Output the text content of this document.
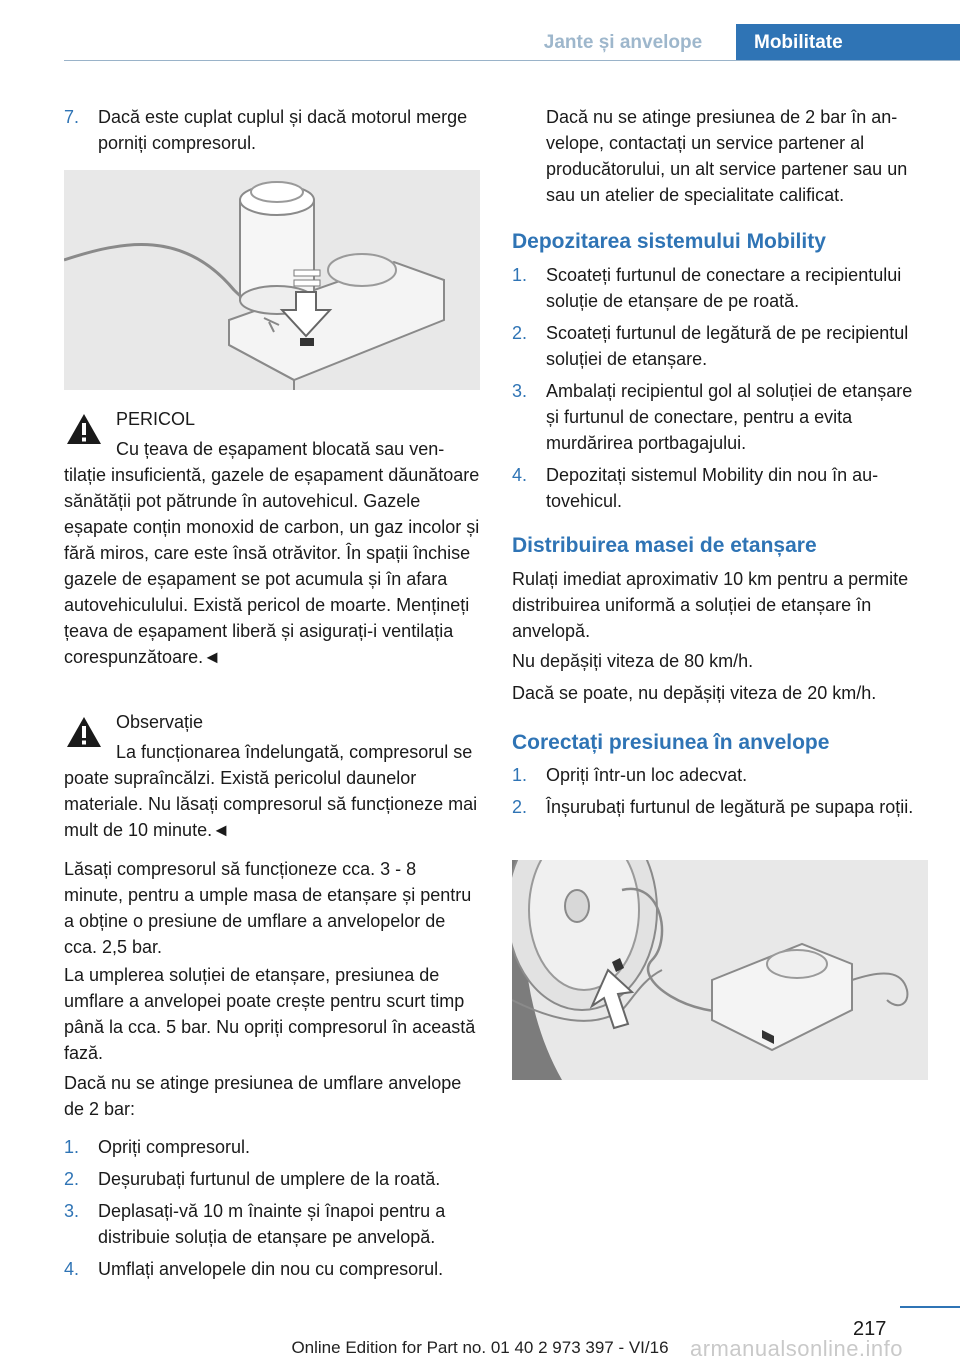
Jante și anvelope	Mobilitate
7.	Dacă este cuplat cuplul și dacă motorul merge porniți compresorul.
PERICOL
Cu țeava de eșapament blocată sau ventilație insuficientă, gazele de eșapament dăunătoare sănătății pot pătrunde în autovehicul. Gazele eșapate conțin monoxid de carbon, un gaz incolor și fără miros, care este însă otrăvitor. În spații închise gazele de eșapament se pot acumula și în afara autovehiculului. Există pericol de moarte. Mențineți țeava de eșapament liberă și asigurați-i ventilația corespunzătoare.◄
Observație
La funcționarea îndelungată, compresorul se poate supraîncălzi. Există pericolul daunelor materiale. Nu lăsați compresorul să funcționeze mai mult de 10 minute.◄
Lăsați compresorul să funcționeze cca. 3 - 8 minute, pentru a umple masa de etanșare și pentru a obține o presiune de umflare a anvelopelor de cca. 2,5 bar.
La umplerea soluției de etanșare, presiunea de umflare a anvelopei poate crește pentru scurt timp până la cca. 5 bar. Nu opriți compresorul în această fază.
Dacă nu se atinge presiunea de umflare anvelope de 2 bar:
1.	Opriți compresorul.
2.	Deșurubați furtunul de umplere de la roată.
3.	Deplasați-vă 10 m înainte și înapoi pentru a distribuie soluția de etanșare pe anvelopă.
4.	Umflați anvelopele din nou cu compresorul.
Dacă nu se atinge presiunea de 2 bar în anvelope, contactați un service partener al producătorului, un alt service partener sau un sau un atelier de specialitate calificat.
Depozitarea sistemului Mobility
1.	Scoateți furtunul de conectare a recipientului soluție de etanșare de pe roată.
2.	Scoateți furtunul de legătură de pe recipientul soluției de etanșare.
3.	Ambalați recipientul gol al soluției de etanșare și furtunul de conectare, pentru a evita murdărirea portbagajului.
4.	Depozitați sistemul Mobility din nou în autovehicul.
Distribuirea masei de etanșare
Rulați imediat aproximativ 10 km pentru a permite distribuirea uniformă a soluției de etanșare în anvelopă.
Nu depășiți viteza de 80 km/h.
Dacă se poate, nu depășiți viteza de 20 km/h.
Corectați presiunea în anvelope
1.	Opriți într-un loc adecvat.
2.	Înșurubați furtunul de legătură pe supapa roții.
217
Online Edition for Part no. 01 40 2 973 397 - VI/16 armanualsonline.info
